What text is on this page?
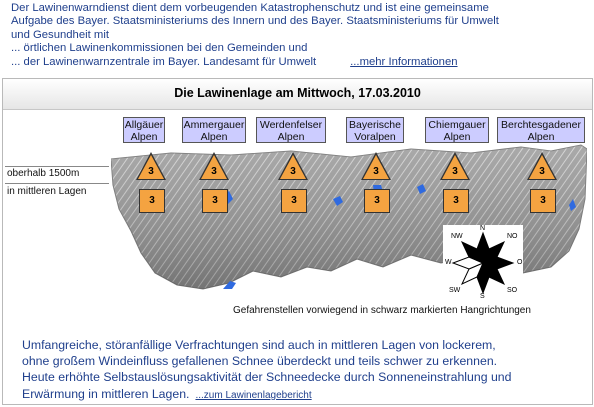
Der Lawinenwarndienst dient dem vorbeugenden Katastrophenschutz und ist eine gemeinsame
Aufgabe des Bayer. Staatsministeriums des Innern und des Bayer. Staatsministeriums für Umwelt
und Gesundheit mit
... örtlichen Lawinenkommissionen bei den Gemeinden und
... der Lawinenwarnzentrale im Bayer. Landesamt für Umwelt	...mehr Informationen
Die Lawinenlage am Mittwoch, 17.03.2010
Allgäuer
Alpen
Ammergauer
Alpen
Werdenfelser
Alpen
Bayerische
Voralpen
Chiemgauer
Alpen
Berchtesgadener
Alpen
oberhalb 1500m
in mittleren Lagen
3	3	3	3	3	3
3	3	3	3	3	3
N
NO
O
SO
S
SW
W
NW
Gefahrenstellen vorwiegend in schwarz markierten Hangrichtungen
Umfangreiche, störanfällige Verfrachtungen sind auch in mittleren Lagen von lockerem,
ohne großem Windeinfluss gefallenen Schnee überdeckt und teils schwer zu erkennen.
Heute erhöhte Selbstauslösungsaktivität der Schneedecke durch Sonneneinstrahlung und
Erwärmung in mittleren Lagen. ...zum Lawinenlagebericht
